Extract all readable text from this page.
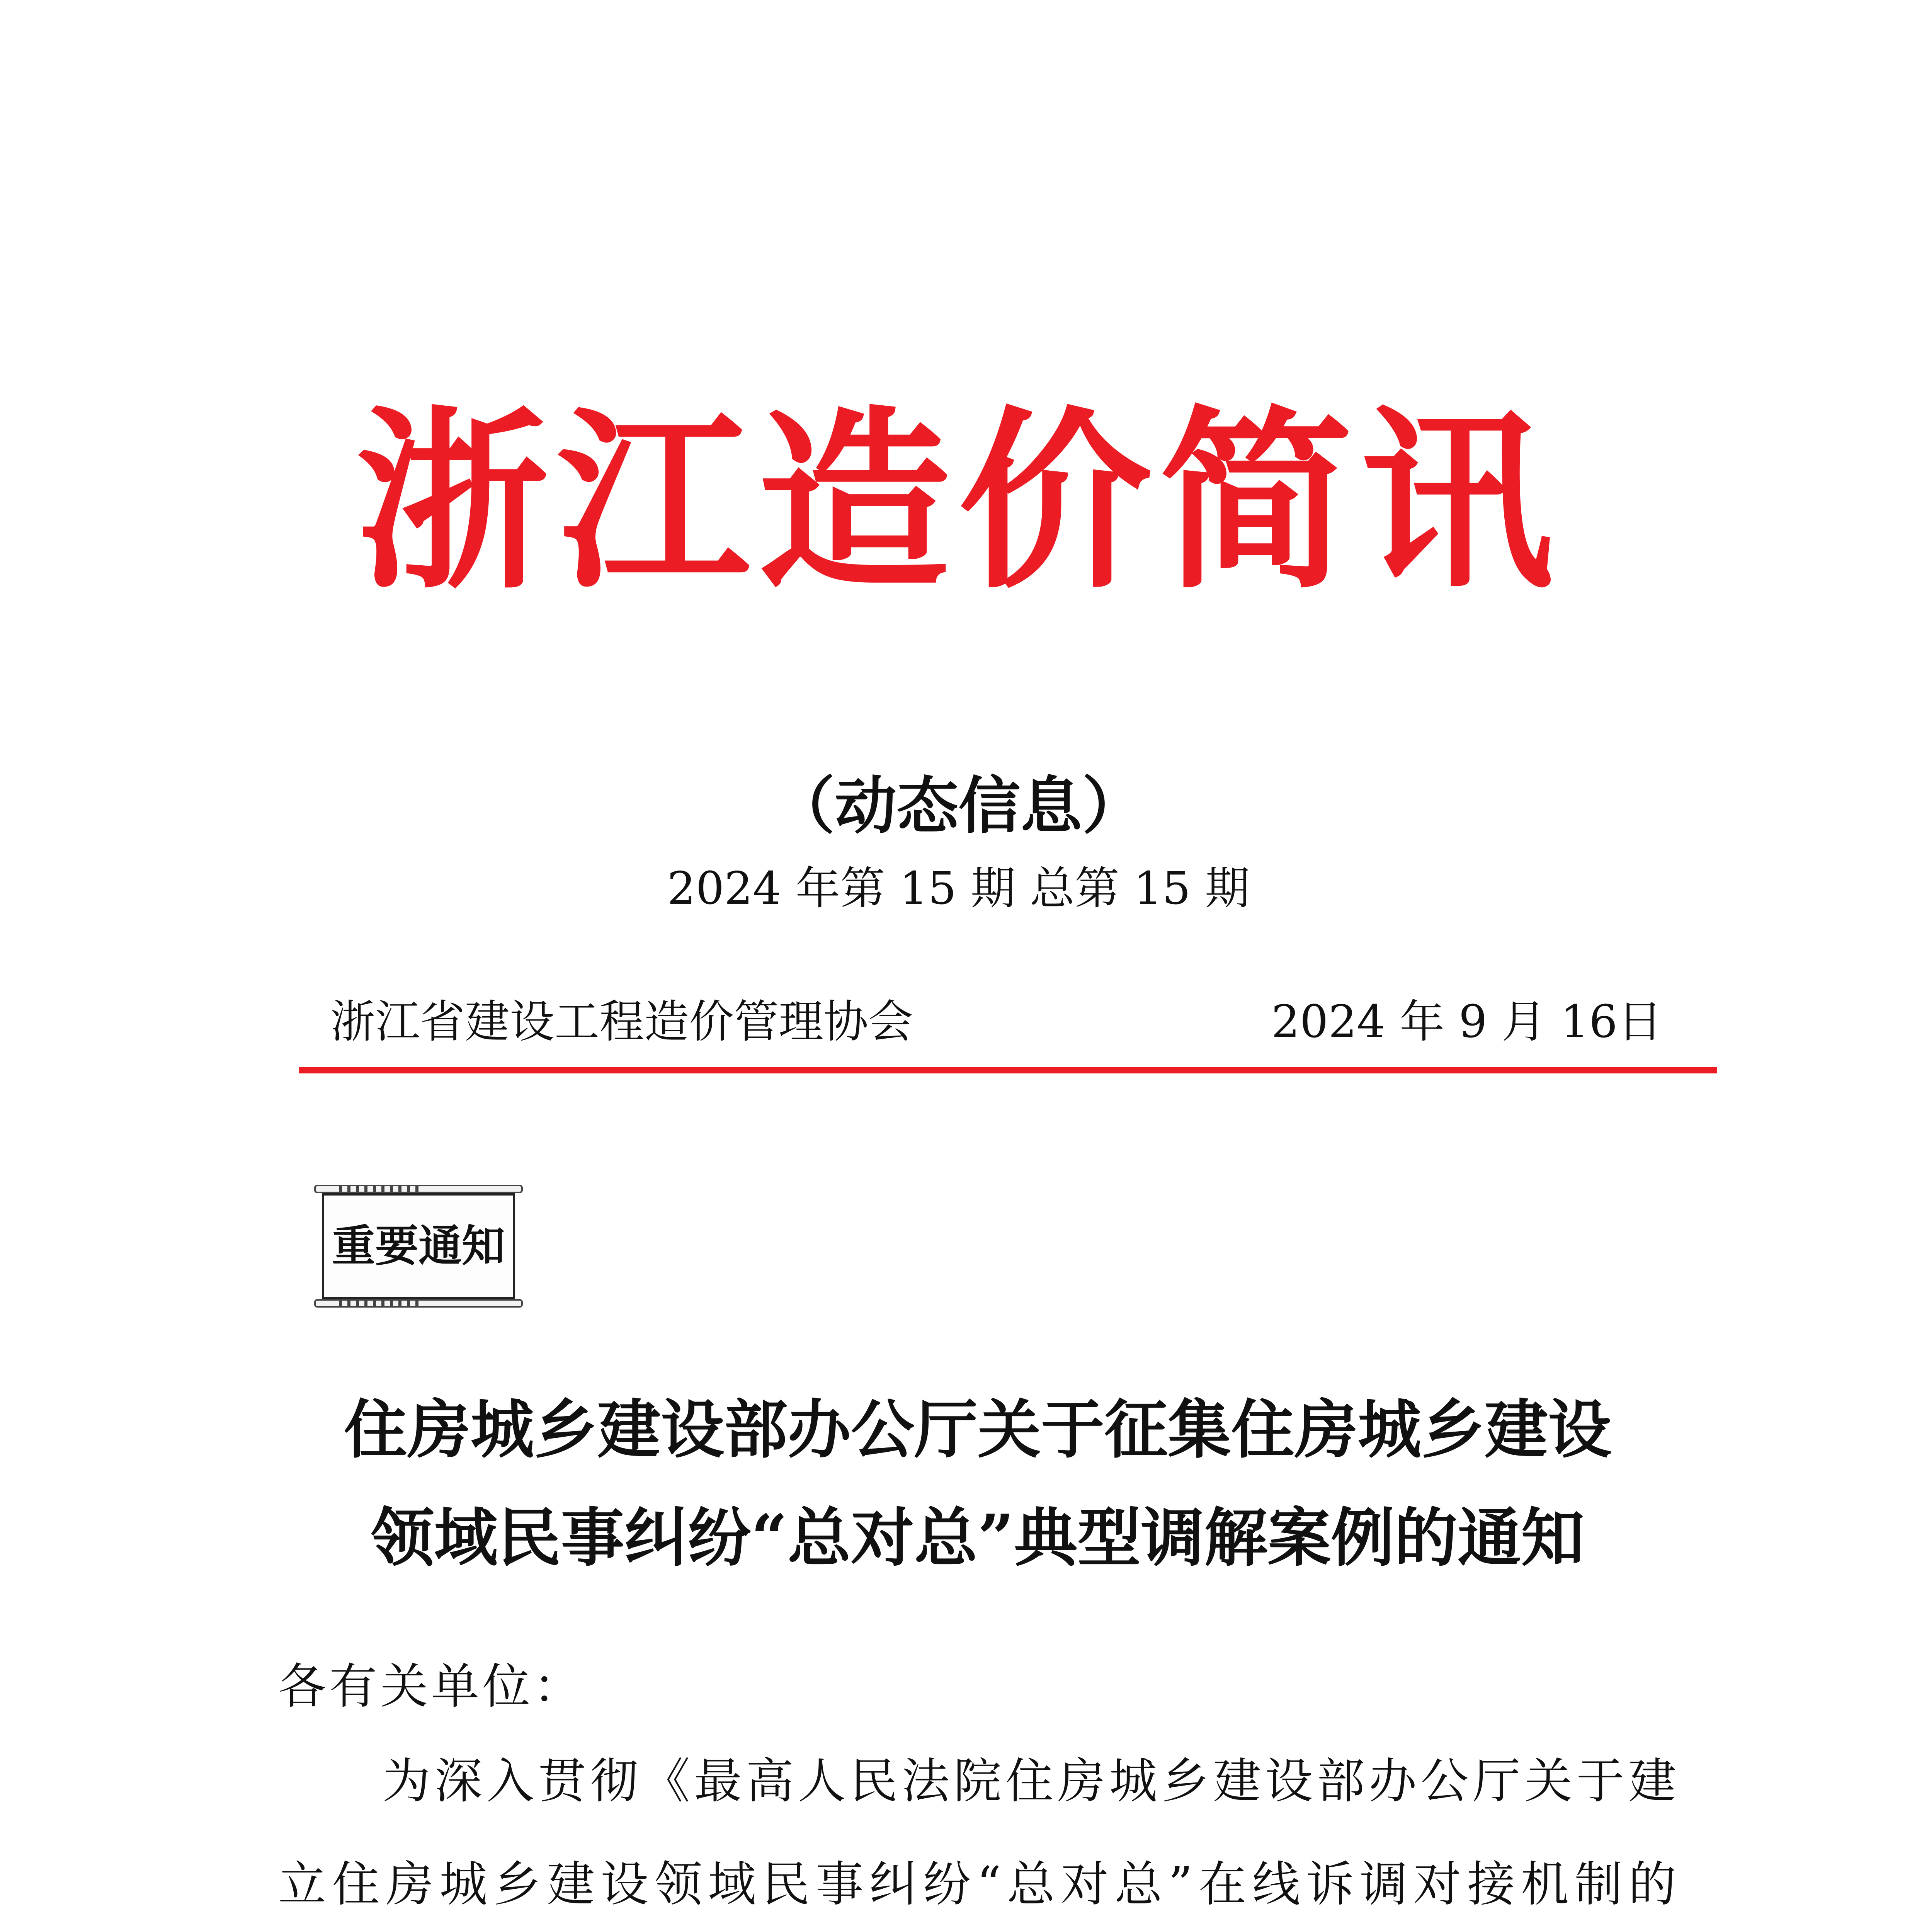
浙江造价简讯
（动态信息）
2024 年第 15 期 总第 15 期
浙江省建设工程造价管理协会	2024 年 9 月 16日
重要通知
住房城乡建设部办公厅关于征集住房城乡建设
领域民事纠纷“总对总”典型调解案例的通知
各有关单位：
为深入贯彻《最高人民法院住房城乡建设部办公厅关于建
立住房城乡建设领域民事纠纷“总对总”在线诉调对接机制的
